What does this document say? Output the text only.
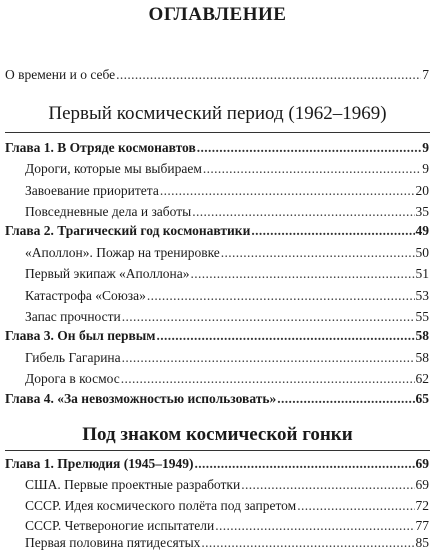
ОГЛАВЛЕНИЕ
О времени и о себе . . .	7
Первый космический период (1962–1969)
Глава 1. В Отряде космонавтов . . .	9
Дороги, которые мы выбираем . . .	9
Завоевание приоритета . . .	20
Повседневные дела и заботы . . .	35
Глава 2. Трагический год космонавтики . . .	49
«Аполлон». Пожар на тренировке . . .	50
Первый экипаж «Аполлона» . . .	51
Катастрофа «Союза» . . .	53
Запас прочности . . .	55
Глава 3. Он был первым . . .	58
Гибель Гагарина . . .	58
Дорога в космос . . .	62
Глава 4. «За невозможностью использовать» . . .	65
Под знаком космической гонки
Глава 1. Прелюдия (1945–1949) . . .	69
США. Первые проектные разработки . . .	69
СССР. Идея космического полёта под запретом . . .	72
СССР. Четвероногие испытатели . . .	77
Первая половина пятидесятых . . .	85
